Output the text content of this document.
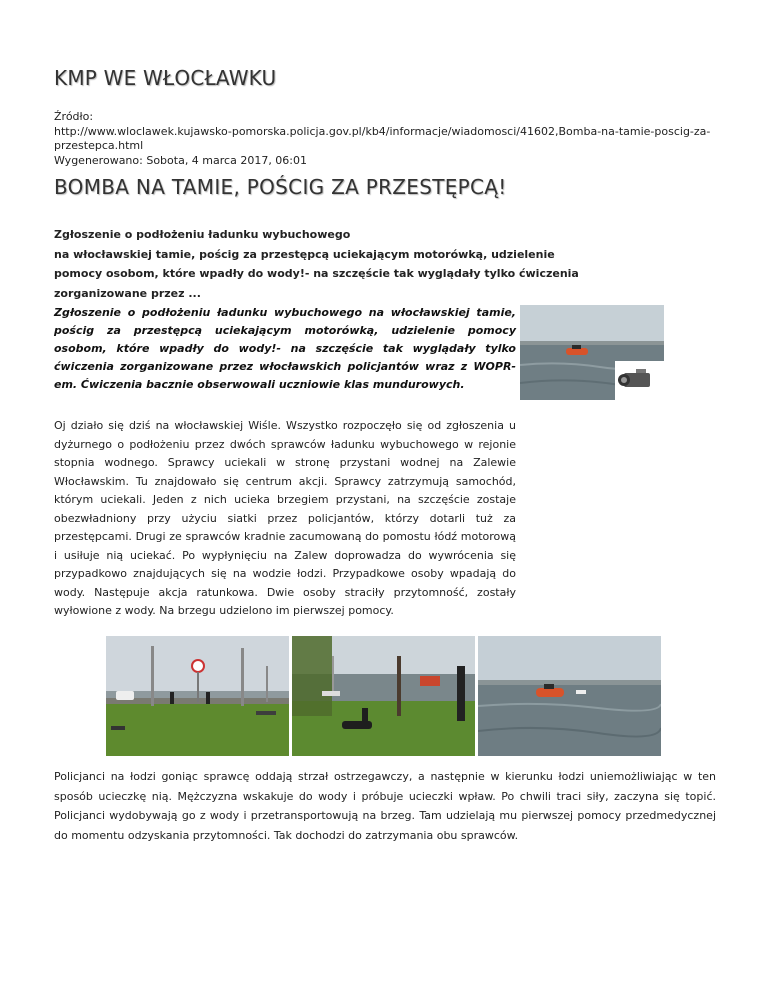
KMP WE WŁOCŁAWKU
Źródło:
http://www.wloclawek.kujawsko-pomorska.policja.gov.pl/kb4/informacje/wiadomosci/41602,Bomba-na-tamie-poscig-za-przestepca.html
Wygenerowano: Sobota, 4 marca 2017, 06:01
BOMBA NA TAMIE, POŚCIG ZA PRZESTĘPCĄ!
Zgłoszenie o podłożeniu ładunku wybuchowego
na włocławskiej tamie, pościg za przestępcą uciekającym motorówką, udzielenie
pomocy osobom, które wpadły do wody!- na szczęście tak wyglądały tylko ćwiczenia
zorganizowane przez ...
Zgłoszenie o podłożeniu ładunku wybuchowego na włocławskiej tamie, pościg za przestępcą uciekającym motorówką, udzielenie pomocy osobom, które wpadły do wody!- na szczęście tak wyglądały tylko ćwiczenia zorganizowane przez włocławskich policjantów wraz z WOPR-em. Ćwiczenia bacznie obserwowali uczniowie klas mundurowych.
Oj działo się dziś na włocławskiej Wiśle. Wszystko rozpoczęło się od zgłoszenia u dyżurnego o podłożeniu przez dwóch sprawców ładunku wybuchowego w rejonie stopnia wodnego. Sprawcy uciekali w stronę przystani wodnej na Zalewie Włocławskim. Tu znajdowało się centrum akcji. Sprawcy zatrzymują samochód, którym uciekali. Jeden z nich ucieka brzegiem przystani, na szczęście zostaje obezwładniony przy użyciu siatki przez policjantów, którzy dotarli tuż za przestępcami. Drugi ze sprawców kradnie zacumowaną do pomostu łódź motorową i usiłuje nią uciekać. Po wypłynięciu na Zalew doprowadza do wywrócenia się przypadkowo znajdujących się na wodzie łodzi. Przypadkowe osoby wpadają do wody. Następuje akcja ratunkowa. Dwie osoby straciły przytomność, zostały wyłowione z wody. Na brzegu udzielono im pierwszej pomocy.
Policjanci na łodzi goniąc sprawcę oddają strzał ostrzegawczy, a następnie w kierunku łodzi uniemożliwiając w ten sposób ucieczkę nią. Mężczyzna wskakuje do wody i próbuje ucieczki wpław. Po chwili traci siły, zaczyna się topić. Policjanci wydobywają go z wody i przetransportowują na brzeg. Tam udzielają mu pierwszej pomocy przedmedycznej do momentu odzyskania przytomności. Tak dochodzi do zatrzymania obu sprawców.
